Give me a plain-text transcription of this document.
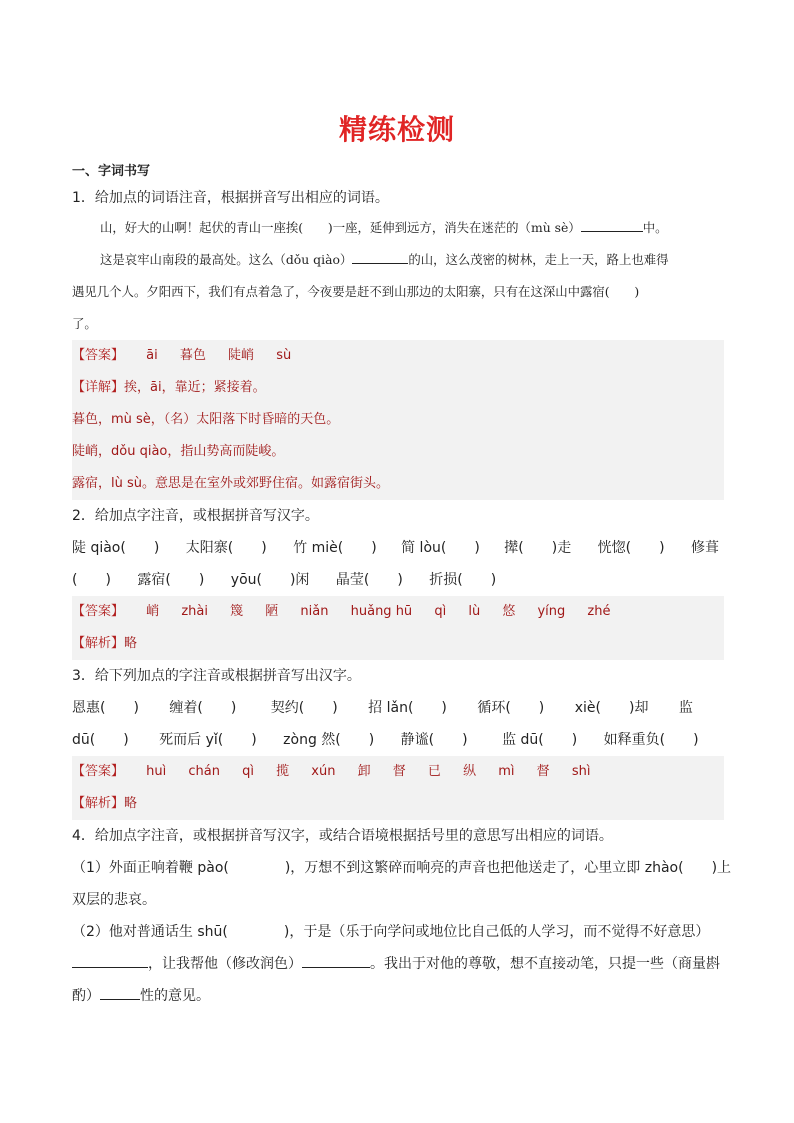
精练检测
一、字词书写
1．给加点的词语注音，根据拼音写出相应的词语。
山，好大的山啊！起伏的青山一座挨(　　)一座，延伸到远方，消失在迷茫的（mù sè）	中。
这是哀牢山南段的最高处。这么（dǒu qiào）	的山，这么茂密的树林，走上一天，路上也难得
遇见几个人。夕阳西下，我们有点着急了，今夜要是赶不到山那边的太阳寨，只有在这深山中露宿(　　)
了。
【答案】 āi 暮色 陡峭 sù
【详解】挨，āi，靠近；紧接着。
暮色，mù sè，（名）太阳落下时昏暗的天色。
陡峭，dǒu qiào，指山势高而陡峻。
露宿，lù sù。意思是在室外或郊野住宿。如露宿街头。
2．给加点字注音，或根据拼音写汉字。
陡 qiào(　　) 太阳寨(　　) 竹 miè(　　) 简 lòu(　　) 撵(　　)走 恍惚(　　) 修葺
(　　) 露宿(　　) yōu(　　)闲 晶莹(　　) 折损(　　)
【答案】 峭 zhài 篾 陋 niǎn huǎng hū qì lù 悠 yíng zhé
【解析】略
3．给下列加点的字注音或根据拼音写出汉字。
恩惠(　　) 缠着(　　) 契约(　　) 招 lǎn(　　) 循环(　　) xiè(　　)却 监
dū(　　) 死而后 yǐ(　　) zòng 然(　　) 静谧(　　) 监 dū(　　) 如释重负(　　)
【答案】 huì chán qì 揽 xún 卸 督 已 纵 mì 督 shì
【解析】略
4．给加点字注音，或根据拼音写汉字，或结合语境根据括号里的意思写出相应的词语。
（1）外面正响着鞭 pào(　　　　)，万想不到这繁碎而响亮的声音也把他送走了，心里立即 zhào(　　)上
双层的悲哀。
（2）他对普通话生 shū(　　　　)，于是（乐于向学问或地位比自己低的人学习，而不觉得不好意思）
，让我帮他（修改润色）	。我出于对他的尊敬，想不直接动笔，只提一些（商量斟
酌）	性的意见。
